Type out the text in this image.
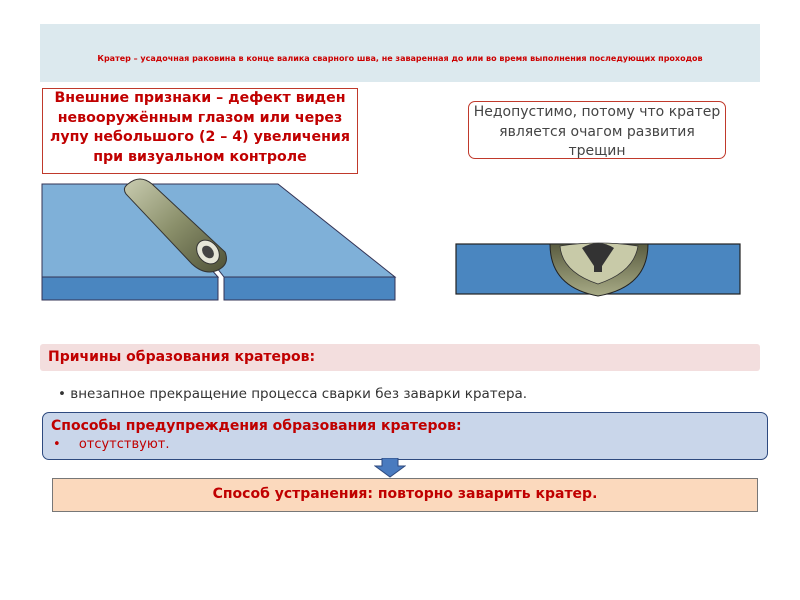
Кратер – усадочная раковина в конце валика сварного шва, не заваренная до или во время выполнения последующих проходов
Внешние признаки – дефект виден невооружённым глазом или через лупу небольшого (2 – 4) увеличения при визуальном контроле
Недопустимо, потому что кратер является очагом развития трещин
Причины образования кратеров:
• внезапное прекращение процесса сварки без заварки кратера.
Способы предупреждения образования кратеров:
• отсутствуют.
Способ устранения: повторно заварить кратер.
